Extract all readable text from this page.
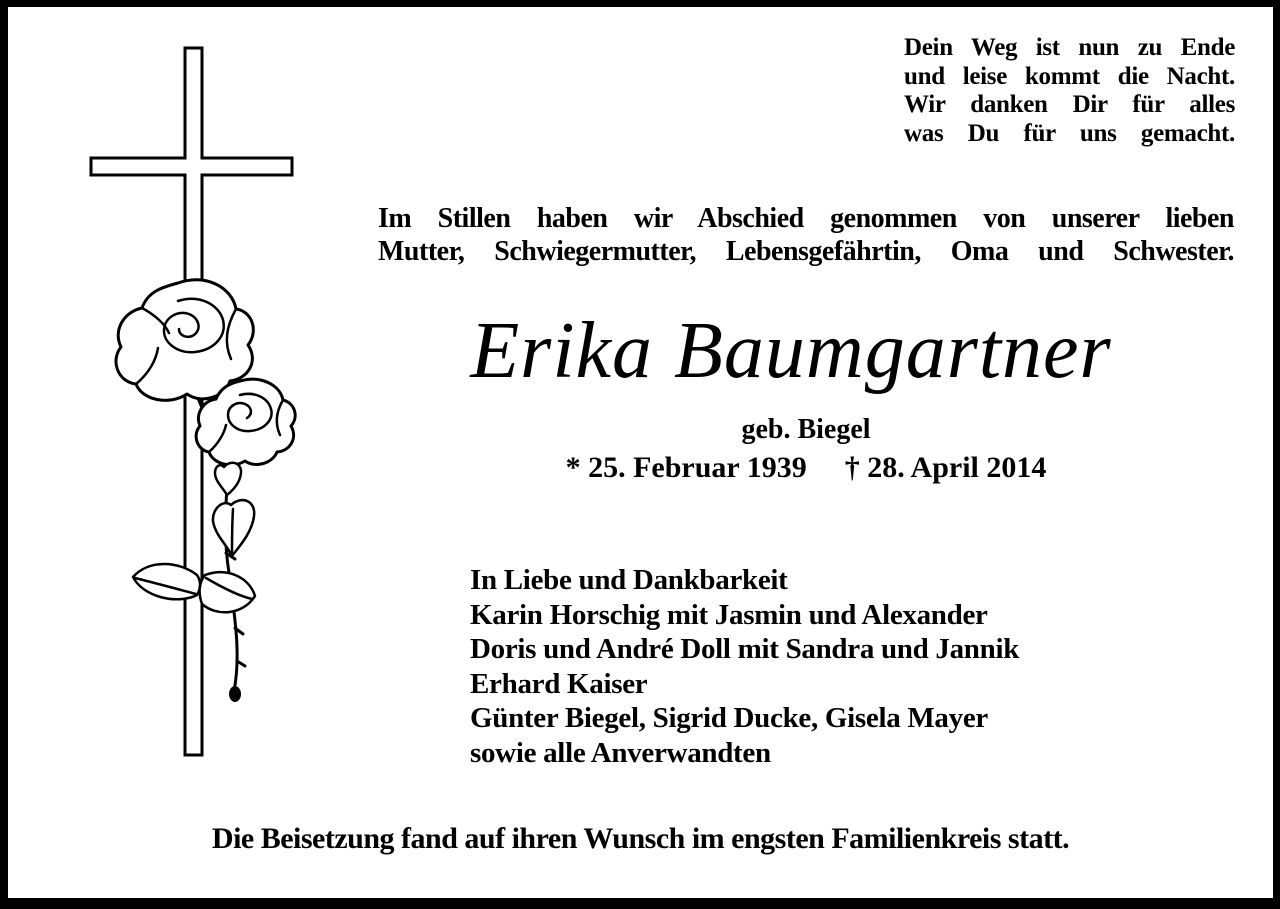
Dein Weg ist nun zu Ende
und leise kommt die Nacht.
Wir danken Dir für alles
was Du für uns gemacht.
Im Stillen haben wir Abschied genommen von unserer lieben
Mutter, Schwiegermutter, Lebensgefährtin, Oma und Schwester.
Erika Baumgartner
geb. Biegel
* 25. Februar 1939 † 28. April 2014
In Liebe und Dankbarkeit
Karin Horschig mit Jasmin und Alexander
Doris und André Doll mit Sandra und Jannik
Erhard Kaiser
Günter Biegel, Sigrid Ducke, Gisela Mayer
sowie alle Anverwandten
Die Beisetzung fand auf ihren Wunsch im engsten Familienkreis statt.
